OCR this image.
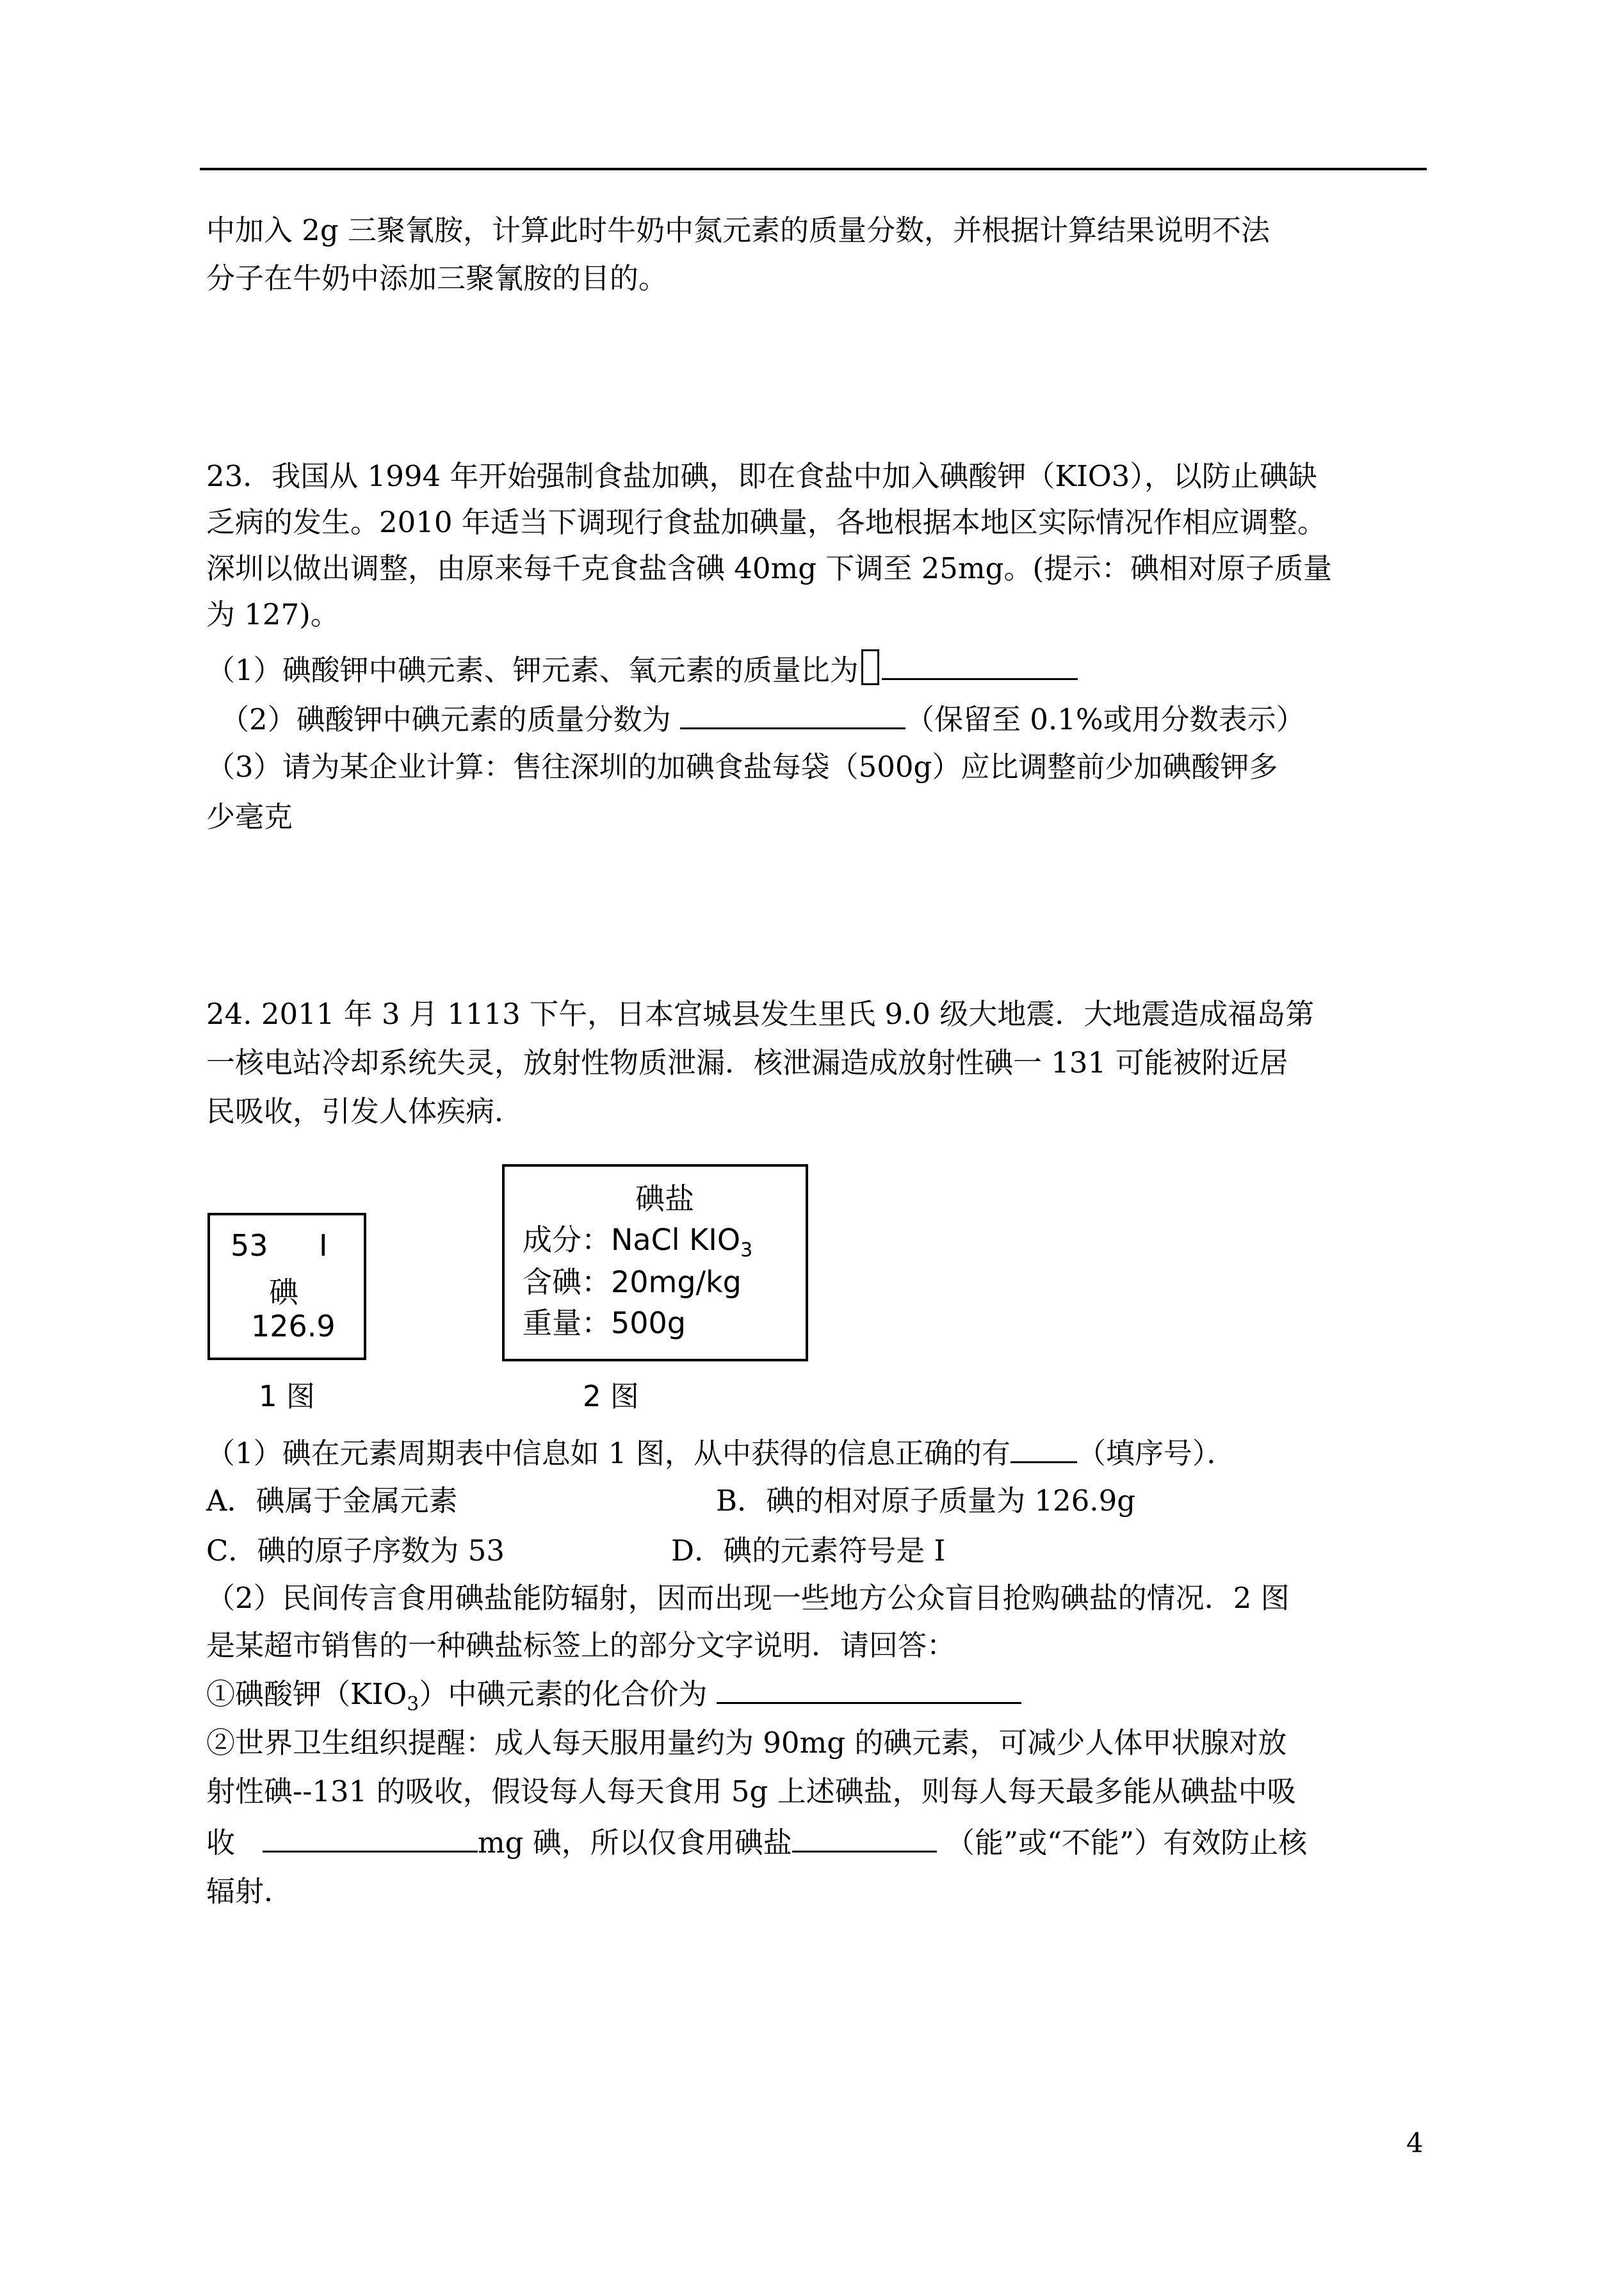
中加入 2g 三聚氰胺，计算此时牛奶中氮元素的质量分数，并根据计算结果说明不法
分子在牛奶中添加三聚氰胺的目的。
23．我国从 1994 年开始强制食盐加碘，即在食盐中加入碘酸钾（KIO3），以防止碘缺
乏病的发生。2010 年适当下调现行食盐加碘量，各地根据本地区实际情况作相应调整。
深圳以做出调整，由原来每千克食盐含碘 40mg 下调至 25mg。(提示：碘相对原子质量
为 127)。
（1）碘酸钾中碘元素、钾元素、氧元素的质量比为
（2）碘酸钾中碘元素的质量分数为	（保留至 0.1%或用分数表示）
（3）请为某企业计算：售往深圳的加碘食盐每袋（500g）应比调整前少加碘酸钾多
少毫克
24. 2011 年 3 月 1113 下午，日本宫城县发生里氏 9.0 级大地震．大地震造成福岛第
一核电站冷却系统失灵，放射性物质泄漏．核泄漏造成放射性碘一 131 可能被附近居
民吸收，引发人体疾病．
53 I
碘
126.9
1 图
碘盐
成分：NaCl $KIO_3$
含碘：20mg/kg
重量：500g
2 图
（1）碘在元素周期表中信息如 1 图，从中获得的信息正确的有 （填序号）．
A．碘属于金属元素	B．碘的相对原子质量为 126.9g
C．碘的原子序数为 53	D．碘的元素符号是 I
（2）民间传言食用碘盐能防辐射，因而出现一些地方公众盲目抢购碘盐的情况．2 图
是某超市销售的一种碘盐标签上的部分文字说明．请回答：
①碘酸钾$(KIO_3)$中碘元素的化合价为
②世界卫生组织提醒：成人每天服用量约为 90mg 的碘元素，可减少人体甲状腺对放
射性碘--131 的吸收，假设每人每天食用 5g 上述碘盐，则每人每天最多能从碘盐中吸
收	mg 碘，所以仅食用碘盐	（能”或“不能”）有效防止核
辐射．
4
